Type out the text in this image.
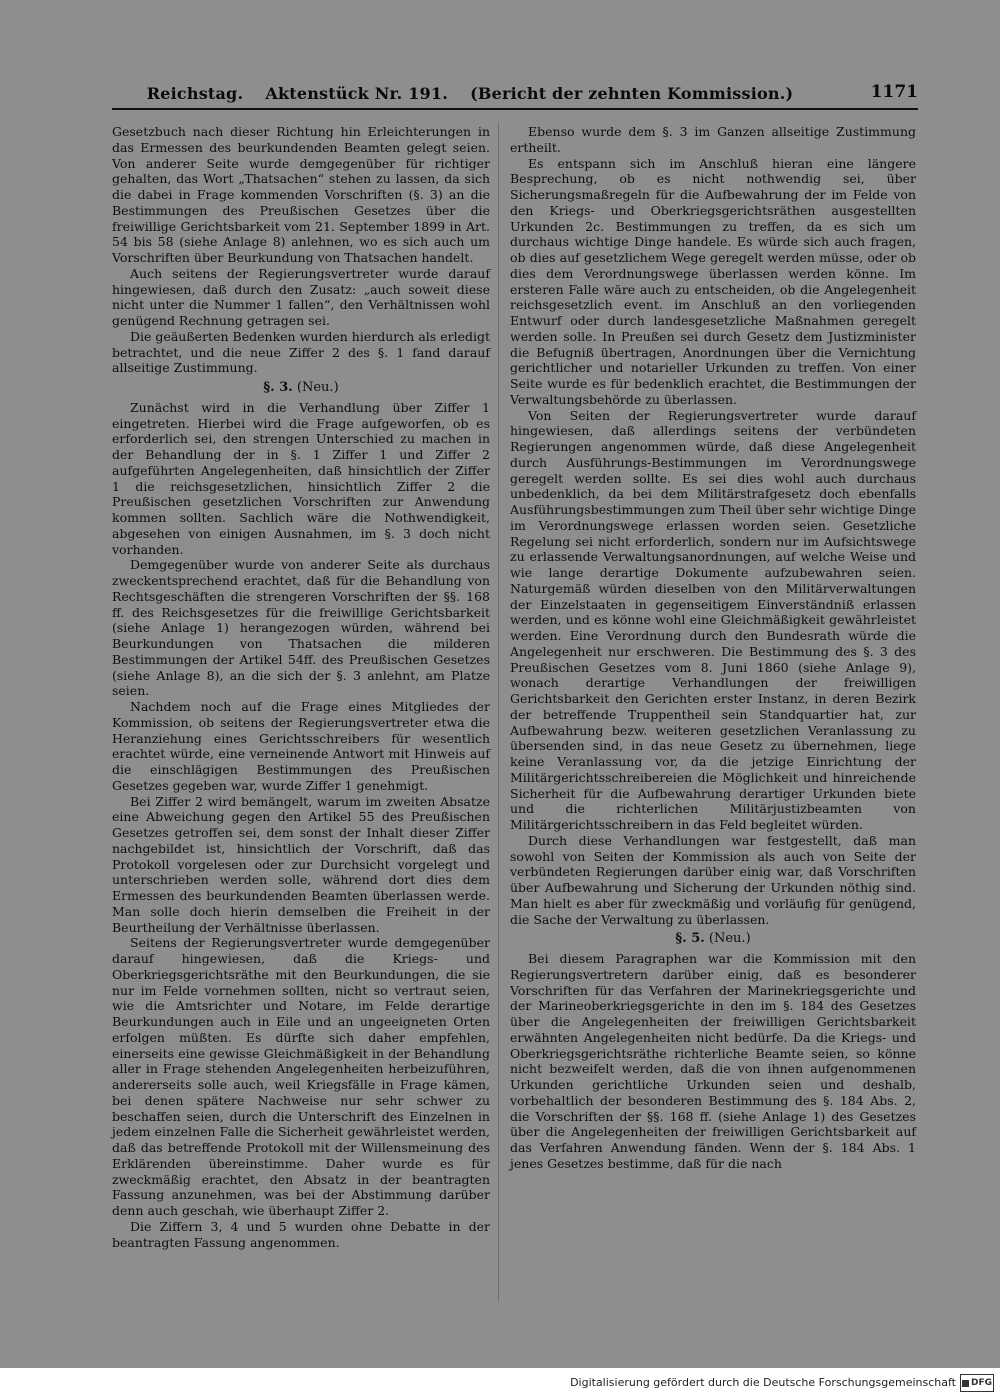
Reichstag. Aktenstück Nr. 191. (Bericht der zehnten Kommission.)	1171

Gesetzbuch nach dieser Richtung hin Erleichterungen in das Ermessen des beurkundenden Beamten gelegt seien. Von anderer Seite wurde demgegenüber für richtiger gehalten, das Wort „Thatsachen“ stehen zu lassen, da sich die dabei in Frage kommenden Vorschriften (§. 3) an die Bestimmungen des Preußischen Gesetzes über die freiwillige Gerichtsbarkeit vom 21. September 1899 in Art. 54 bis 58 (siehe Anlage 8) anlehnen, wo es sich auch um Vorschriften über Beurkundung von Thatsachen handelt.

Auch seitens der Regierungsvertreter wurde darauf hingewiesen, daß durch den Zusatz: „auch soweit diese nicht unter die Nummer 1 fallen“, den Verhältnissen wohl genügend Rechnung getragen sei.

Die geäußerten Bedenken wurden hierdurch als erledigt betrachtet, und die neue Ziffer 2 des §. 1 fand darauf allseitige Zustimmung.

§. 3. (Neu.)

Zunächst wird in die Verhandlung über Ziffer 1 eingetreten. Hierbei wird die Frage aufgeworfen, ob es erforderlich sei, den strengen Unterschied zu machen in der Behandlung der in §. 1 Ziffer 1 und Ziffer 2 aufgeführten Angelegenheiten, daß hinsichtlich der Ziffer 1 die reichsgesetzlichen, hinsichtlich Ziffer 2 die Preußischen gesetzlichen Vorschriften zur Anwendung kommen sollten. Sachlich wäre die Nothwendigkeit, abgesehen von einigen Ausnahmen, im §. 3 doch nicht vorhanden.

Demgegenüber wurde von anderer Seite als durchaus zweckentsprechend erachtet, daß für die Behandlung von Rechtsgeschäften die strengeren Vorschriften der §§. 168 ff. des Reichsgesetzes für die freiwillige Gerichtsbarkeit (siehe Anlage 1) herangezogen würden, während bei Beurkundungen von Thatsachen die milderen Bestimmungen der Artikel 54ff. des Preußischen Gesetzes (siehe Anlage 8), an die sich der §. 3 anlehnt, am Platze seien.

Nachdem noch auf die Frage eines Mitgliedes der Kommission, ob seitens der Regierungsvertreter etwa die Heranziehung eines Gerichtsschreibers für wesentlich erachtet würde, eine verneinende Antwort mit Hinweis auf die einschlägigen Bestimmungen des Preußischen Gesetzes gegeben war, wurde Ziffer 1 genehmigt.

Bei Ziffer 2 wird bemängelt, warum im zweiten Absatze eine Abweichung gegen den Artikel 55 des Preußischen Gesetzes getroffen sei, dem sonst der Inhalt dieser Ziffer nachgebildet ist, hinsichtlich der Vorschrift, daß das Protokoll vorgelesen oder zur Durchsicht vorgelegt und unterschrieben werden solle, während dort dies dem Ermessen des beurkundenden Beamten überlassen werde. Man solle doch hierin demselben die Freiheit in der Beurtheilung der Verhältnisse überlassen.

Seitens der Regierungsvertreter wurde demgegenüber darauf hingewiesen, daß die Kriegs- und Oberkriegsgerichtsräthe mit den Beurkundungen, die sie nur im Felde vornehmen sollten, nicht so vertraut seien, wie die Amtsrichter und Notare, im Felde derartige Beurkundungen auch in Eile und an ungeeigneten Orten erfolgen müßten. Es dürfte sich daher empfehlen, einerseits eine gewisse Gleichmäßigkeit in der Behandlung aller in Frage stehenden Angelegenheiten herbeizuführen, andererseits solle auch, weil Kriegsfälle in Frage kämen, bei denen spätere Nachweise nur sehr schwer zu beschaffen seien, durch die Unterschrift des Einzelnen in jedem einzelnen Falle die Sicherheit gewährleistet werden, daß das betreffende Protokoll mit der Willensmeinung des Erklärenden übereinstimme. Daher wurde es für zweckmäßig erachtet, den Absatz in der beantragten Fassung anzunehmen, was bei der Abstimmung darüber denn auch geschah, wie überhaupt Ziffer 2.

Die Ziffern 3, 4 und 5 wurden ohne Debatte in der beantragten Fassung angenommen.

Ebenso wurde dem §. 3 im Ganzen allseitige Zustimmung ertheilt.

Es entspann sich im Anschluß hieran eine längere Besprechung, ob es nicht nothwendig sei, über Sicherungsmaßregeln für die Aufbewahrung der im Felde von den Kriegs- und Oberkriegsgerichtsräthen ausgestellten Urkunden 2c. Bestimmungen zu treffen, da es sich um durchaus wichtige Dinge handele. Es würde sich auch fragen, ob dies auf gesetzlichem Wege geregelt werden müsse, oder ob dies dem Verordnungswege überlassen werden könne. Im ersteren Falle wäre auch zu entscheiden, ob die Angelegenheit reichsgesetzlich event. im Anschluß an den vorliegenden Entwurf oder durch landesgesetzliche Maßnahmen geregelt werden solle. In Preußen sei durch Gesetz dem Justizminister die Befugniß übertragen, Anordnungen über die Vernichtung gerichtlicher und notarieller Urkunden zu treffen. Von einer Seite wurde es für bedenklich erachtet, die Bestimmungen der Verwaltungsbehörde zu überlassen.

Von Seiten der Regierungsvertreter wurde darauf hingewiesen, daß allerdings seitens der verbündeten Regierungen angenommen würde, daß diese Angelegenheit durch Ausführungs-Bestimmungen im Verordnungswege geregelt werden sollte. Es sei dies wohl auch durchaus unbedenklich, da bei dem Militärstrafgesetz doch ebenfalls Ausführungsbestimmungen zum Theil über sehr wichtige Dinge im Verordnungswege erlassen worden seien. Gesetzliche Regelung sei nicht erforderlich, sondern nur im Aufsichtswege zu erlassende Verwaltungsanordnungen, auf welche Weise und wie lange derartige Dokumente aufzubewahren seien. Naturgemäß würden dieselben von den Militärverwaltungen der Einzelstaaten in gegenseitigem Einverständniß erlassen werden, und es könne wohl eine Gleichmäßigkeit gewährleistet werden. Eine Verordnung durch den Bundesrath würde die Angelegenheit nur erschweren. Die Bestimmung des §. 3 des Preußischen Gesetzes vom 8. Juni 1860 (siehe Anlage 9), wonach derartige Verhandlungen der freiwilligen Gerichtsbarkeit den Gerichten erster Instanz, in deren Bezirk der betreffende Truppentheil sein Standquartier hat, zur Aufbewahrung bezw. weiteren gesetzlichen Veranlassung zu übersenden sind, in das neue Gesetz zu übernehmen, liege keine Veranlassung vor, da die jetzige Einrichtung der Militärgerichtsschreibereien die Möglichkeit und hinreichende Sicherheit für die Aufbewahrung derartiger Urkunden biete und die richterlichen Militärjustizbeamten von Militärgerichtsschreibern in das Feld begleitet würden.

Durch diese Verhandlungen war festgestellt, daß man sowohl von Seiten der Kommission als auch von Seite der verbündeten Regierungen darüber einig war, daß Vorschriften über Aufbewahrung und Sicherung der Urkunden nöthig sind. Man hielt es aber für zweckmäßig und vorläufig für genügend, die Sache der Verwaltung zu überlassen.

§. 5. (Neu.)

Bei diesem Paragraphen war die Kommission mit den Regierungsvertretern darüber einig, daß es besonderer Vorschriften für das Verfahren der Marinekriegsgerichte und der Marineoberkriegsgerichte in den im §. 184 des Gesetzes über die Angelegenheiten der freiwilligen Gerichtsbarkeit erwähnten Angelegenheiten nicht bedürfe. Da die Kriegs- und Oberkriegsgerichtsräthe richterliche Beamte seien, so könne nicht bezweifelt werden, daß die von ihnen aufgenommenen Urkunden gerichtliche Urkunden seien und deshalb, vorbehaltlich der besonderen Bestimmung des §. 184 Abs. 2, die Vorschriften der §§. 168 ff. (siehe Anlage 1) des Gesetzes über die Angelegenheiten der freiwilligen Gerichtsbarkeit auf das Verfahren Anwendung fänden. Wenn der §. 184 Abs. 1 jenes Gesetzes bestimme, daß für die nach

Digitalisierung gefördert durch die Deutsche Forschungsgemeinschaft DFG
